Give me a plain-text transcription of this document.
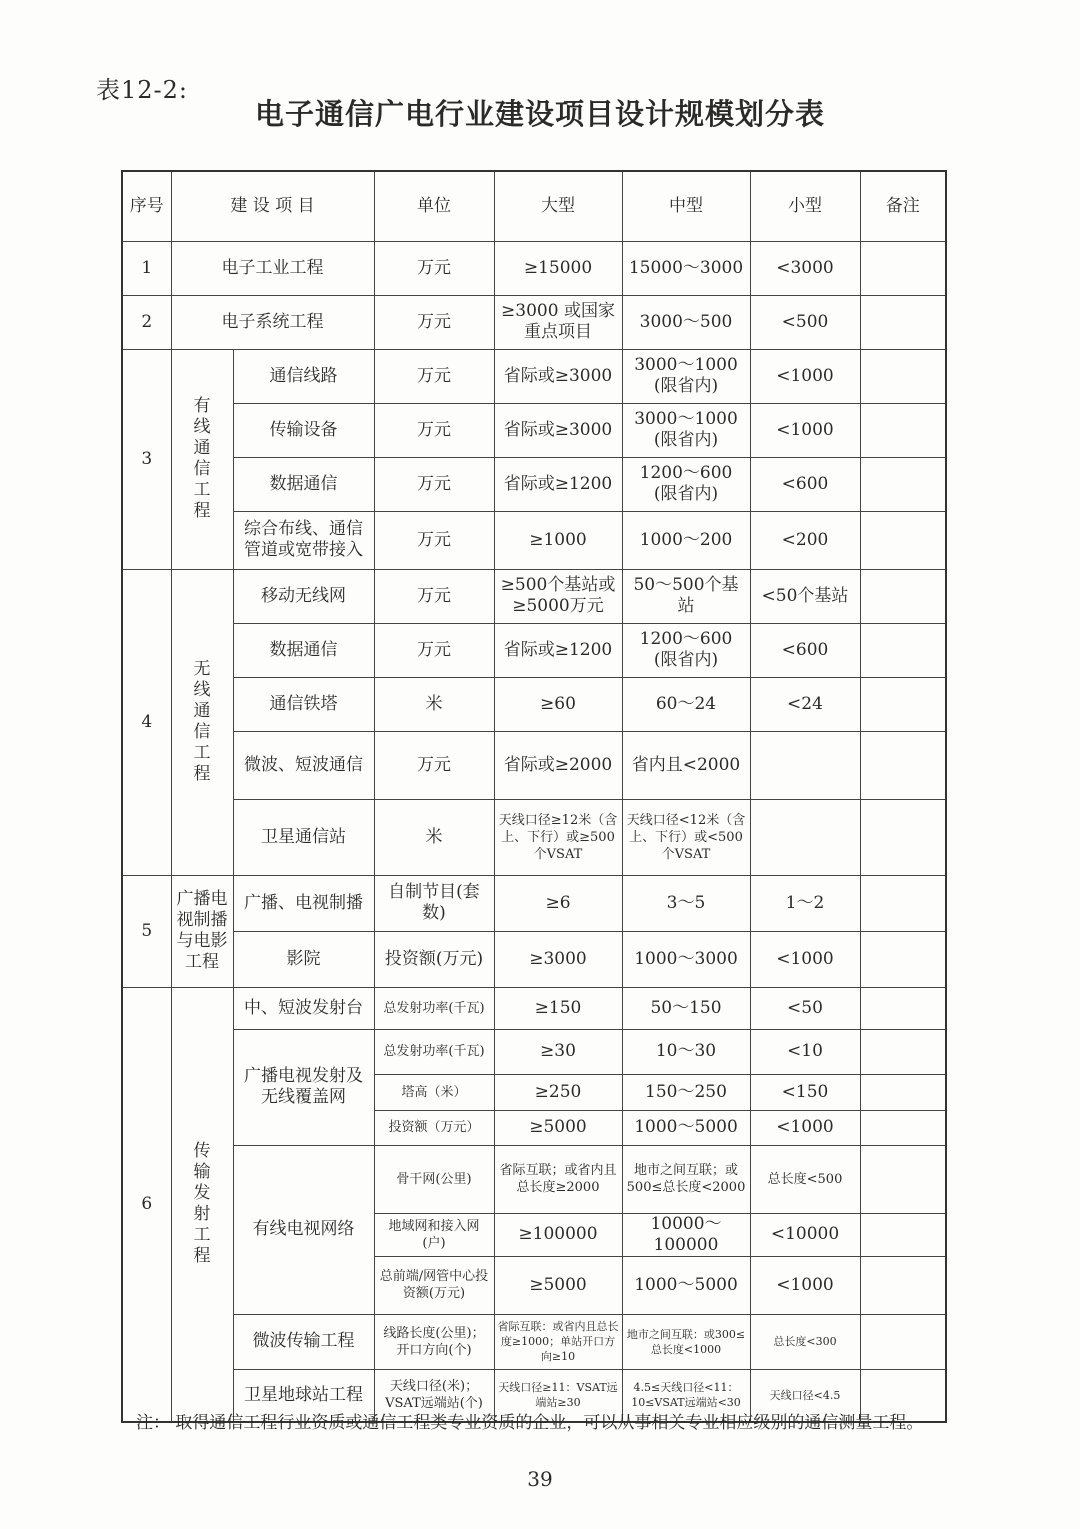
表12-2:
电子通信广电行业建设项目设计规模划分表
序号	建 设 项 目		单位	大型	中型	小型	备注
1	电子工业工程		万元	≥15000	15000～3000	<3000	
2	电子系统工程		万元	≥3000 或国家重点项目	3000～500	<500	
3	有线通信工程	通信线路	万元	省际或≥3000	3000～1000 (限省内)	<1000	
		传输设备	万元	省际或≥3000	3000～1000 (限省内)	<1000	
		数据通信	万元	省际或≥1200	1200～600 (限省内)	<600	
		综合布线、通信管道或宽带接入	万元	≥1000	1000～200	<200	
4	无线通信工程	移动无线网	万元	≥500个基站或≥5000万元	50～500个基站	<50个基站	
		数据通信	万元	省际或≥1200	1200～600 (限省内)	<600	
		通信铁塔	米	≥60	60～24	<24	
		微波、短波通信	万元	省际或≥2000	省内且<2000		
		卫星通信站	米	天线口径≥12米（含上、下行）或≥500个VSAT	天线口径<12米（含上、下行）或<500个VSAT		
5	广播电视制播与电影工程	广播、电视制播	自制节目(套数)	≥6	3～5	1～2	
		影院	投资额(万元)	≥3000	1000～3000	<1000	
6	传输发射工程	中、短波发射台	总发射功率(千瓦)	≥150	50～150	<50	
		广播电视发射及无线覆盖网	总发射功率(千瓦)	≥30	10～30	<10	
			塔高（米）	≥250	150～250	<150	
			投资额（万元）	≥5000	1000～5000	<1000	
		有线电视网络	骨干网(公里)	省际互联；或省内且总长度≥2000	地市之间互联；或500≤总长度<2000	总长度<500	
			地域网和接入网(户)	≥100000	10000～100000	<10000	
			总前端/网管中心投资额(万元)	≥5000	1000～5000	<1000	
		微波传输工程	线路长度(公里)；开口方向(个)	省际互联：或省内且总长度≥1000；单站开口方向≥10	地市之间互联：或300≤总长度<1000	总长度<300	
		卫星地球站工程	天线口径(米)；VSAT远端站(个)	天线口径≥11：VSAT远端站≥30	4.5≤天线口径<11：10≤VSAT远端站<30	天线口径<4.5	
注： 取得通信工程行业资质或通信工程类专业资质的企业，可以从事相关专业相应级别的通信测量工程。
39
